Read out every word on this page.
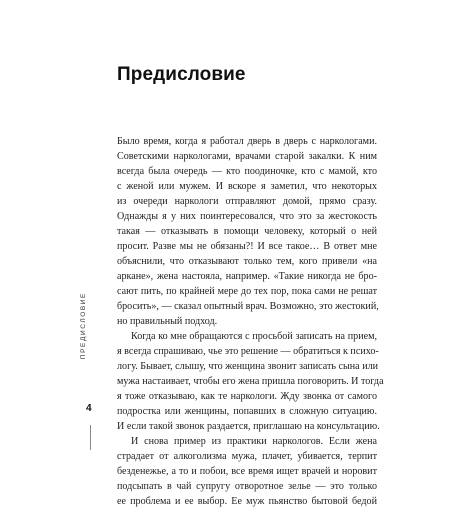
Предисловие
Было время, когда я работал дверь в дверь с наркологами.
Советскими наркологами, врачами старой закалки. К ним
всегда была очередь — кто поодиночке, кто с мамой, кто
с женой или мужем. И вскоре я заметил, что некоторых
из очереди наркологи отправляют домой, прямо сразу.
Однажды я у них поинтересовался, что это за жестокость
такая — отказывать в помощи человеку, который о ней
просит. Разве мы не обязаны?! И все такое… В ответ мне
объяснили, что отказывают только тем, кого привели «на
аркане», жена настояла, например. «Такие никогда не бро-
сают пить, по крайней мере до тех пор, пока сами не решат
бросить», — сказал опытный врач. Возможно, это жестокий,
но правильный подход.
Когда ко мне обращаются с просьбой записать на прием,
я всегда спрашиваю, чье это решение — обратиться к психо-
логу. Бывает, слышу, что женщина звонит записать сына или
мужа настаивает, чтобы его жена пришла поговорить. И тогда
я тоже отказываю, как те наркологи. Жду звонка от самого
подростка или женщины, попавших в сложную ситуацию.
И если такой звонок раздается, приглашаю на консультацию.
И снова пример из практики наркологов. Если жена
страдает от алкоголизма мужа, плачет, убивается, терпит
безденежье, а то и побои, все время ищет врачей и норовит
подсыпать в чай супругу отворотное зелье — это только
ее проблема и ее выбор. Ее муж пьянство бытовой бедой
ПРЕДИСЛОВИЕ
4
